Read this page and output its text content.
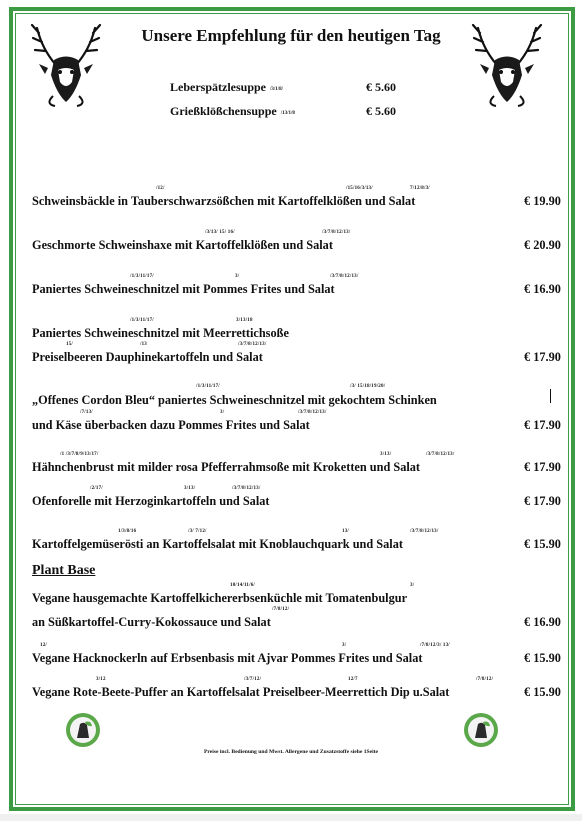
Unsere Empfehlung für den heutigen Tag
Leberspätzlesuppe $^{/3/1/8/}$	€ 5.60
Grießklößchensuppe $^{/13/1/8}$	€ 5.60
/12/	/15/16/3/13/	7/12/8/3/
/3/13/ 15/ 16/	/3/7/8/12/13/
/1/3/11/17/	3/	/3/7/8/12/13/
/1/3/11/17/	3/13/18
15/	/13	/3/7/8/12/13/
/1/3/11/17/	/3/ 15/18/19/20/
/7/13/	3/	/3/7/8/12/13/
/1 /3/7/8/9/13/17/	3/13/	/3/7/8/12/13/
/2/17/	3/13/	/3/7/8/12/13/
1/3/8/16	/3/ 7/12/	13/	/3/7/8/12/13/
10/14/11/6/	3/
/7/8/12/
12/	3/	/7/8/12/3/ 13/
3/12	/3/7/12/	12/7	/7/8/12/
Schweinsbäckle in Tauberschwarzsößchen mit Kartoffelklößen und Salat	€ 19.90
Geschmorte Schweinshaxe mit Kartoffelklößen und Salat	€ 20.90
Paniertes Schweineschnitzel mit Pommes Frites und Salat	€ 16.90
Paniertes Schweineschnitzel mit Meerrettichsoße
Preiselbeeren Dauphinekartoffeln und Salat	€ 17.90
„Offenes Cordon Bleu“ paniertes Schweineschnitzel mit gekochtem Schinken
und Käse überbacken dazu Pommes Frites und Salat	€ 17.90
Hähnchenbrust mit milder rosa Pfefferrahmsoße mit Kroketten und Salat	€ 17.90
Ofenforelle mit Herzoginkartoffeln und Salat	€ 17.90
Kartoffelgemüserösti an Kartoffelsalat mit Knoblauchquark und Salat	€ 15.90
Plant Base
Vegane hausgemachte Kartoffelkichererbsenküchle mit Tomatenbulgur
an Süßkartoffel-Curry-Kokossauce und Salat	€ 16.90
Vegane Hacknockerln auf Erbsenbasis mit Ajvar Pommes Frites und Salat	€ 15.90
Vegane Rote-Beete-Puffer an Kartoffelsalat Preiselbeer-Meerrettich Dip u.Salat	€ 15.90
Preise incl. Bedienung und Mwst. Allergene und Zusatzstoffe siehe 1Seite
